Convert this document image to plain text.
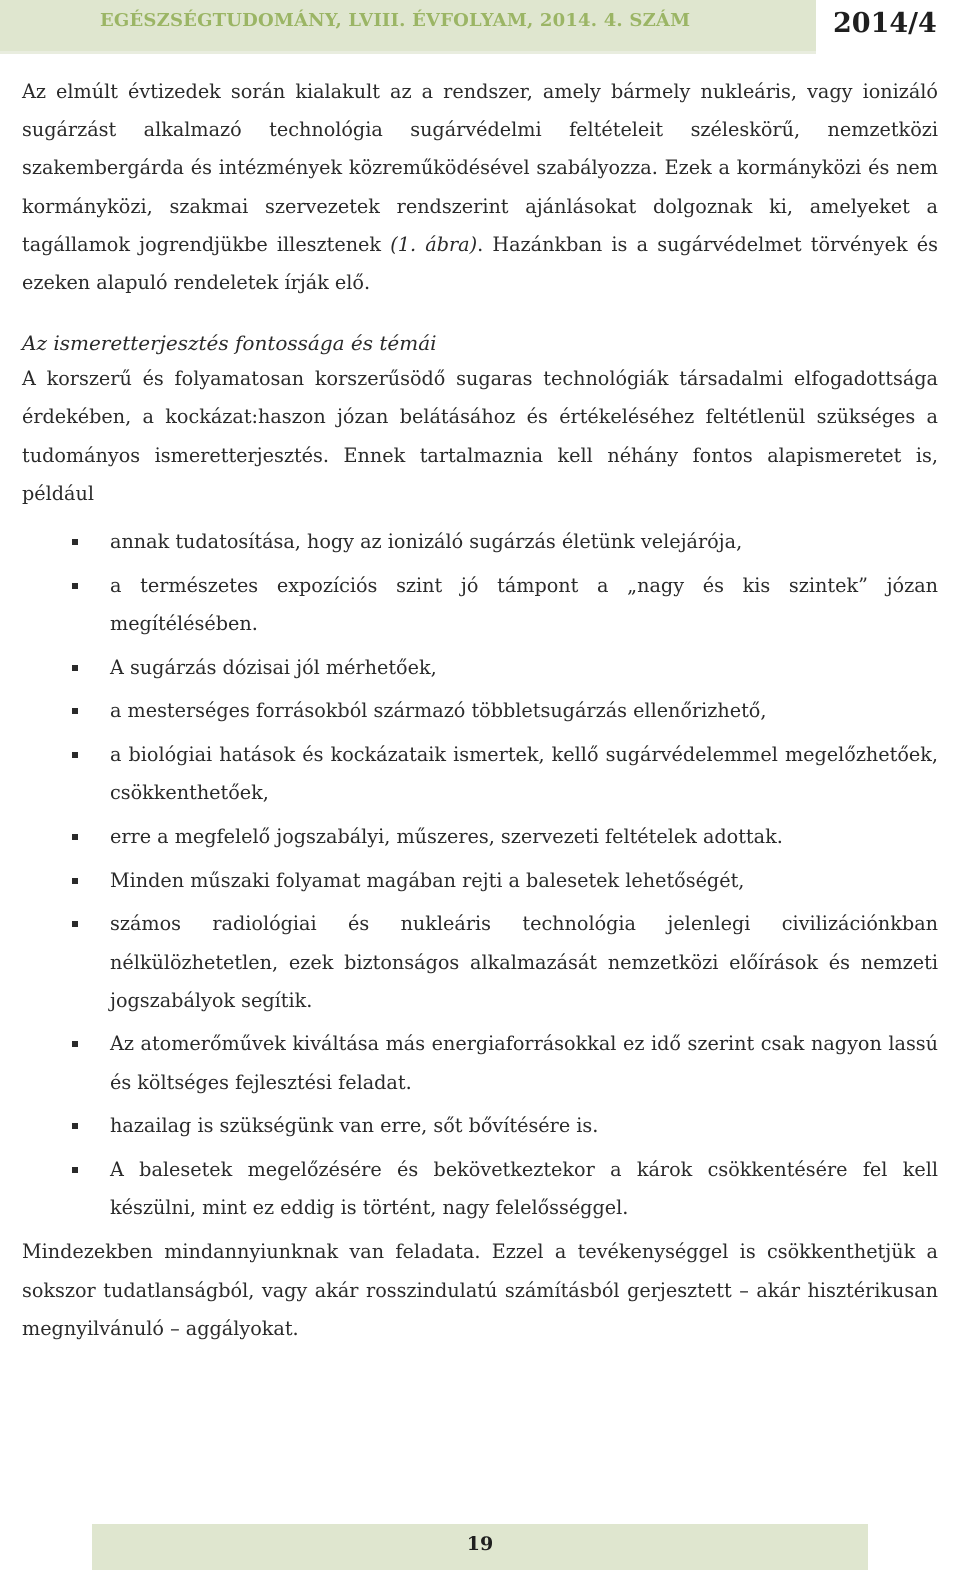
EGÉSZSÉGTUDOMÁNY, LVIII. ÉVFOLYAM, 2014. 4. SZÁM	2014/4

Az elmúlt évtizedek során kialakult az a rendszer, amely bármely nukleáris, vagy ionizáló sugárzást alkalmazó technológia sugárvédelmi feltételeit széleskörű, nemzetközi szakembergárda és intézmények közreműködésével szabályozza. Ezek a kormányközi és nem kormányközi, szakmai szervezetek rendszerint ajánlásokat dolgoznak ki, amelyeket a tagállamok jogrendjükbe illesztenek (1. ábra). Hazánkban is a sugárvédelmet törvények és ezeken alapuló rendeletek írják elő.

Az ismeretterjesztés fontossága és témái

A korszerű és folyamatosan korszerűsödő sugaras technológiák társadalmi elfogadottsága érdekében, a kockázat:haszon józan belátásához és értékeléséhez feltétlenül szükséges a tudományos ismeretterjesztés. Ennek tartalmaznia kell néhány fontos alapismeretet is, például

annak tudatosítása, hogy az ionizáló sugárzás életünk velejárója,
a természetes expozíciós szint jó támpont a „nagy és kis szintek” józan megítélésében.
A sugárzás dózisai jól mérhetőek,
a mesterséges forrásokból származó többletsugárzás ellenőrizhető,
a biológiai hatások és kockázataik ismertek, kellő sugárvédelemmel megelőzhetőek, csökkenthetőek,
erre a megfelelő jogszabályi, műszeres, szervezeti feltételek adottak.
Minden műszaki folyamat magában rejti a balesetek lehetőségét,
számos radiológiai és nukleáris technológia jelenlegi civilizációnkban nélkülözhetetlen, ezek biztonságos alkalmazását nemzetközi előírások és nemzeti jogszabályok segítik.
Az atomerőművek kiváltása más energiaforrásokkal ez idő szerint csak nagyon lassú és költséges fejlesztési feladat.
hazailag is szükségünk van erre, sőt bővítésére is.
A balesetek megelőzésére és bekövetkeztekor a károk csökkentésére fel kell készülni, mint ez eddig is történt, nagy felelősséggel.

Mindezekben mindannyiunknak van feladata. Ezzel a tevékenységgel is csökkenthetjük a sokszor tudatlanságból, vagy akár rosszindulatú számításból gerjesztett – akár hisztérikusan megnyilvánuló – aggályokat.

19
